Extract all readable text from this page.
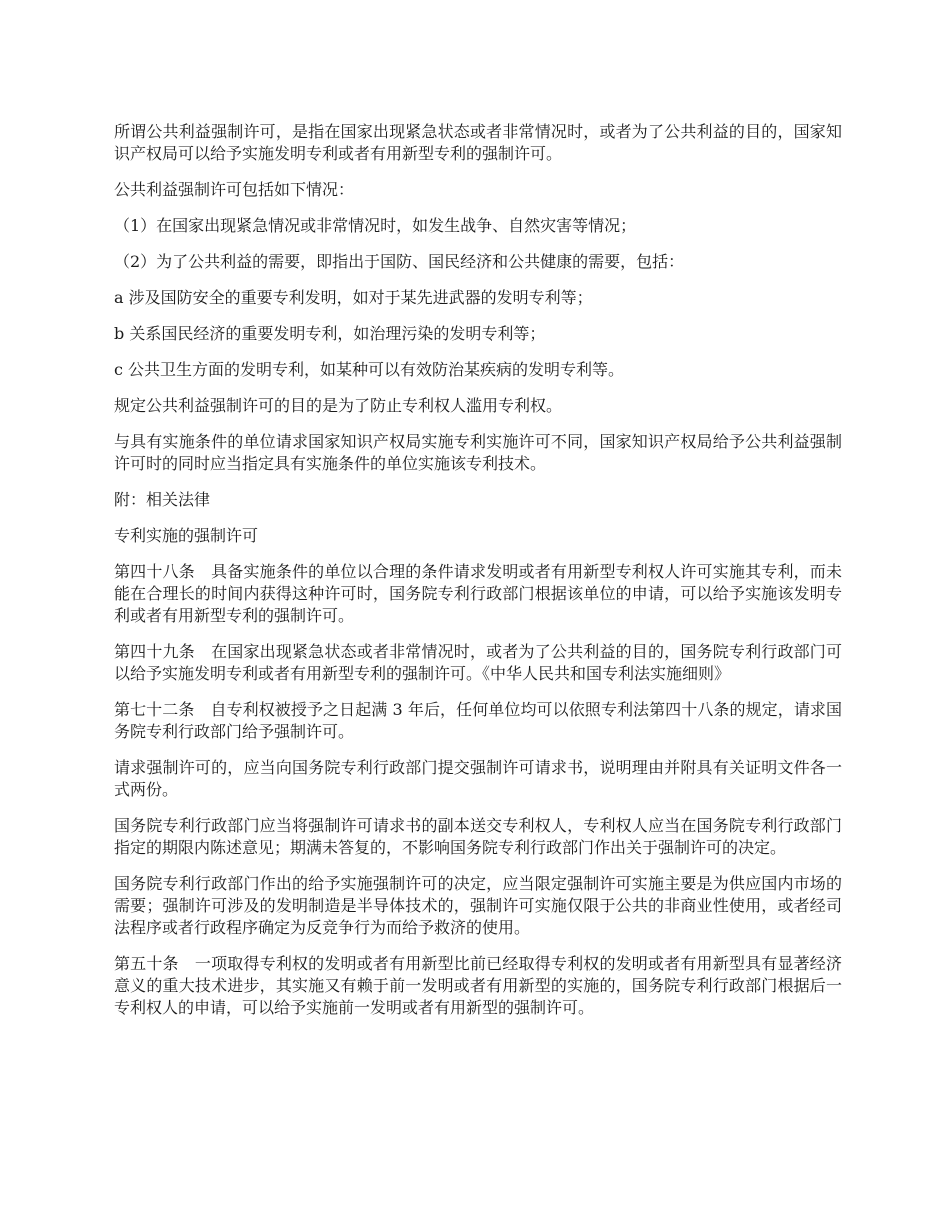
所谓公共利益强制许可，是指在国家出现紧急状态或者非常情况时，或者为了公共利益的目的，国家知识产权局可以给予实施发明专利或者有用新型专利的强制许可。

公共利益强制许可包括如下情况：

（1）在国家出现紧急情况或非常情况时，如发生战争、自然灾害等情况；

（2）为了公共利益的需要，即指出于国防、国民经济和公共健康的需要，包括：

a 涉及国防安全的重要专利发明，如对于某先进武器的发明专利等；

b 关系国民经济的重要发明专利，如治理污染的发明专利等；

c 公共卫生方面的发明专利，如某种可以有效防治某疾病的发明专利等。

规定公共利益强制许可的目的是为了防止专利权人滥用专利权。

与具有实施条件的单位请求国家知识产权局实施专利实施许可不同，国家知识产权局给予公共利益强制许可时的同时应当指定具有实施条件的单位实施该专利技术。

附：相关法律

专利实施的强制许可

第四十八条　具备实施条件的单位以合理的条件请求发明或者有用新型专利权人许可实施其专利，而未能在合理长的时间内获得这种许可时，国务院专利行政部门根据该单位的申请，可以给予实施该发明专利或者有用新型专利的强制许可。

第四十九条　在国家出现紧急状态或者非常情况时，或者为了公共利益的目的，国务院专利行政部门可以给予实施发明专利或者有用新型专利的强制许可。《中华人民共和国专利法实施细则》

第七十二条　自专利权被授予之日起满 3 年后，任何单位均可以依照专利法第四十八条的规定，请求国务院专利行政部门给予强制许可。

请求强制许可的，应当向国务院专利行政部门提交强制许可请求书，说明理由并附具有关证明文件各一式两份。

国务院专利行政部门应当将强制许可请求书的副本送交专利权人，专利权人应当在国务院专利行政部门指定的期限内陈述意见；期满未答复的，不影响国务院专利行政部门作出关于强制许可的决定。

国务院专利行政部门作出的给予实施强制许可的决定，应当限定强制许可实施主要是为供应国内市场的需要；强制许可涉及的发明制造是半导体技术的，强制许可实施仅限于公共的非商业性使用，或者经司法程序或者行政程序确定为反竞争行为而给予救济的使用。

第五十条　一项取得专利权的发明或者有用新型比前已经取得专利权的发明或者有用新型具有显著经济意义的重大技术进步，其实施又有赖于前一发明或者有用新型的实施的，国务院专利行政部门根据后一专利权人的申请，可以给予实施前一发明或者有用新型的强制许可。
